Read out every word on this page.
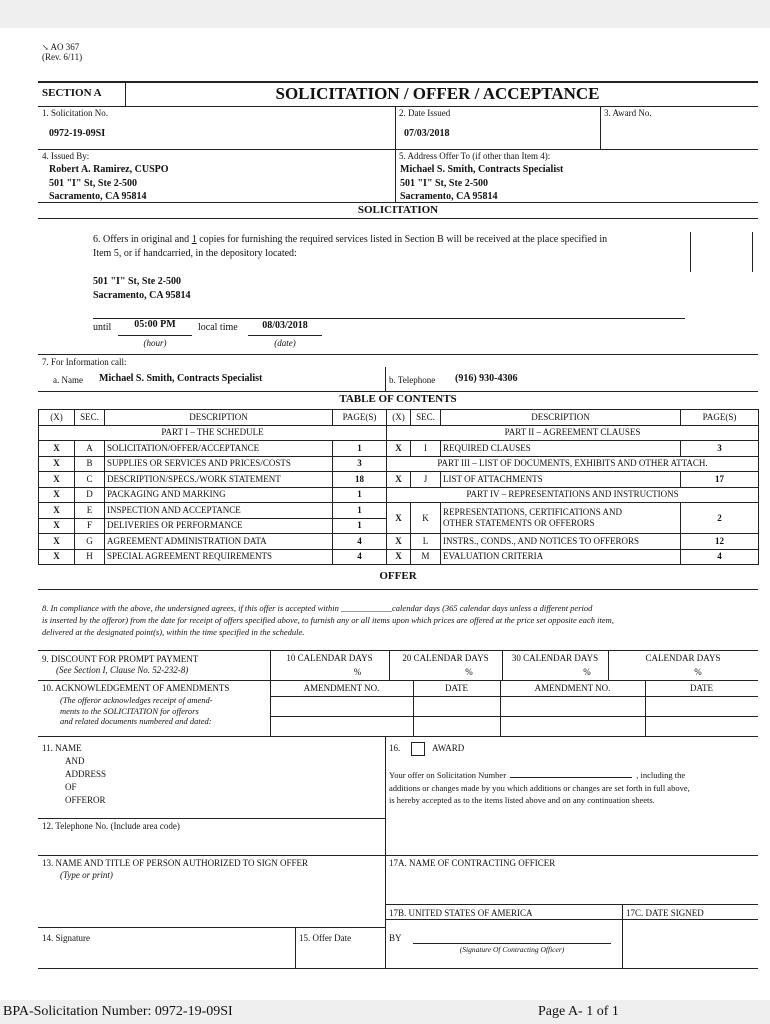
↘ AO 367
(Rev. 6/11)
SECTION A	SOLICITATION / OFFER / ACCEPTANCE
1. Solicitation No.
0972-19-09SI
2. Date Issued
07/03/2018
3. Award No.
4. Issued By:
Robert A. Ramirez, CUSPO
501 "I" St, Ste 2-500
Sacramento, CA 95814
5. Address Offer To (if other than Item 4):
Michael S. Smith, Contracts Specialist
501 "I" St, Ste 2-500
Sacramento, CA 95814
SOLICITATION
6. Offers in original and 1 copies for furnishing the required services listed in Section B will be received at the place specified in
Item 5, or if handcarried, in the depository located:
501 "I" St, Ste 2-500
Sacramento, CA 95814
until	05:00 PM
(hour)
local time	08/03/2018
(date)
7. For Information call:
a. Name Michael S. Smith, Contracts Specialist	b. Telephone (916) 930-4306
TABLE OF CONTENTS
(X)	SEC.	DESCRIPTION	PAGE(S)
PART I – THE SCHEDULE			
X	A	SOLICITATION/OFFER/ACCEPTANCE	1
X	B	SUPPLIES OR SERVICES AND PRICES/COSTS	3
X	C	DESCRIPTION/SPECS./WORK STATEMENT	18
X	D	PACKAGING AND MARKING	1
X	E	INSPECTION AND ACCEPTANCE	1
X	F	DELIVERIES OR PERFORMANCE	1
X	G	AGREEMENT ADMINISTRATION DATA	4
X	H	SPECIAL AGREEMENT REQUIREMENTS	4
(X)	SEC.	DESCRIPTION	PAGE(S)
PART II – AGREEMENT CLAUSES			
X	I	REQUIRED CLAUSES	3
PART III – LIST OF DOCUMENTS, EXHIBITS AND OTHER ATTACH.			
X	J	LIST OF ATTACHMENTS	17
PART IV – REPRESENTATIONS AND INSTRUCTIONS			
X	K	REPRESENTATIONS, CERTIFICATIONS AND
OTHER STATEMENTS OR OFFERORS	2
X	L	INSTRS., CONDS., AND NOTICES TO OFFERORS	12
X	M	EVALUATION CRITERIA	4
OFFER
8. In compliance with the above, the undersigned agrees, if this offer is accepted within ____________calendar days (365 calendar days unless a different period
is inserted by the offeror) from the date for receipt of offers specified above, to furnish any or all items upon which prices are offered at the price set opposite each item,
delivered at the designated point(s), within the time specified in the schedule.
9. DISCOUNT FOR PROMPT PAYMENT
(See Section I, Clause No. 52-232-8)
10 CALENDAR DAYS	20 CALENDAR DAYS	30 CALENDAR DAYS	CALENDAR DAYS
%	%	%	%
10. ACKNOWLEDGEMENT OF AMENDMENTS
(The offeror acknowledges receipt of amend-
ments to the SOLICITATION for offerors
and related documents numbered and dated:
AMENDMENT NO.	DATE	AMENDMENT NO.	DATE
11. NAME
AND
ADDRESS
OF
OFFEROR
12. Telephone No. (Include area code)
13. NAME AND TITLE OF PERSON AUTHORIZED TO SIGN OFFER
(Type or print)
14. Signature	15. Offer Date
16.	AWARD
Your offer on Solicitation Number	, including the
additions or changes made by you which additions or changes are set forth in full above,
is hereby accepted as to the items listed above and on any continuation sheets.
17A. NAME OF CONTRACTING OFFICER
17B. UNITED STATES OF AMERICA	17C. DATE SIGNED
BY
(Signature Of Contracting Officer)
BPA-Solicitation Number: 0972-19-09SI	Page A- 1 of 1
